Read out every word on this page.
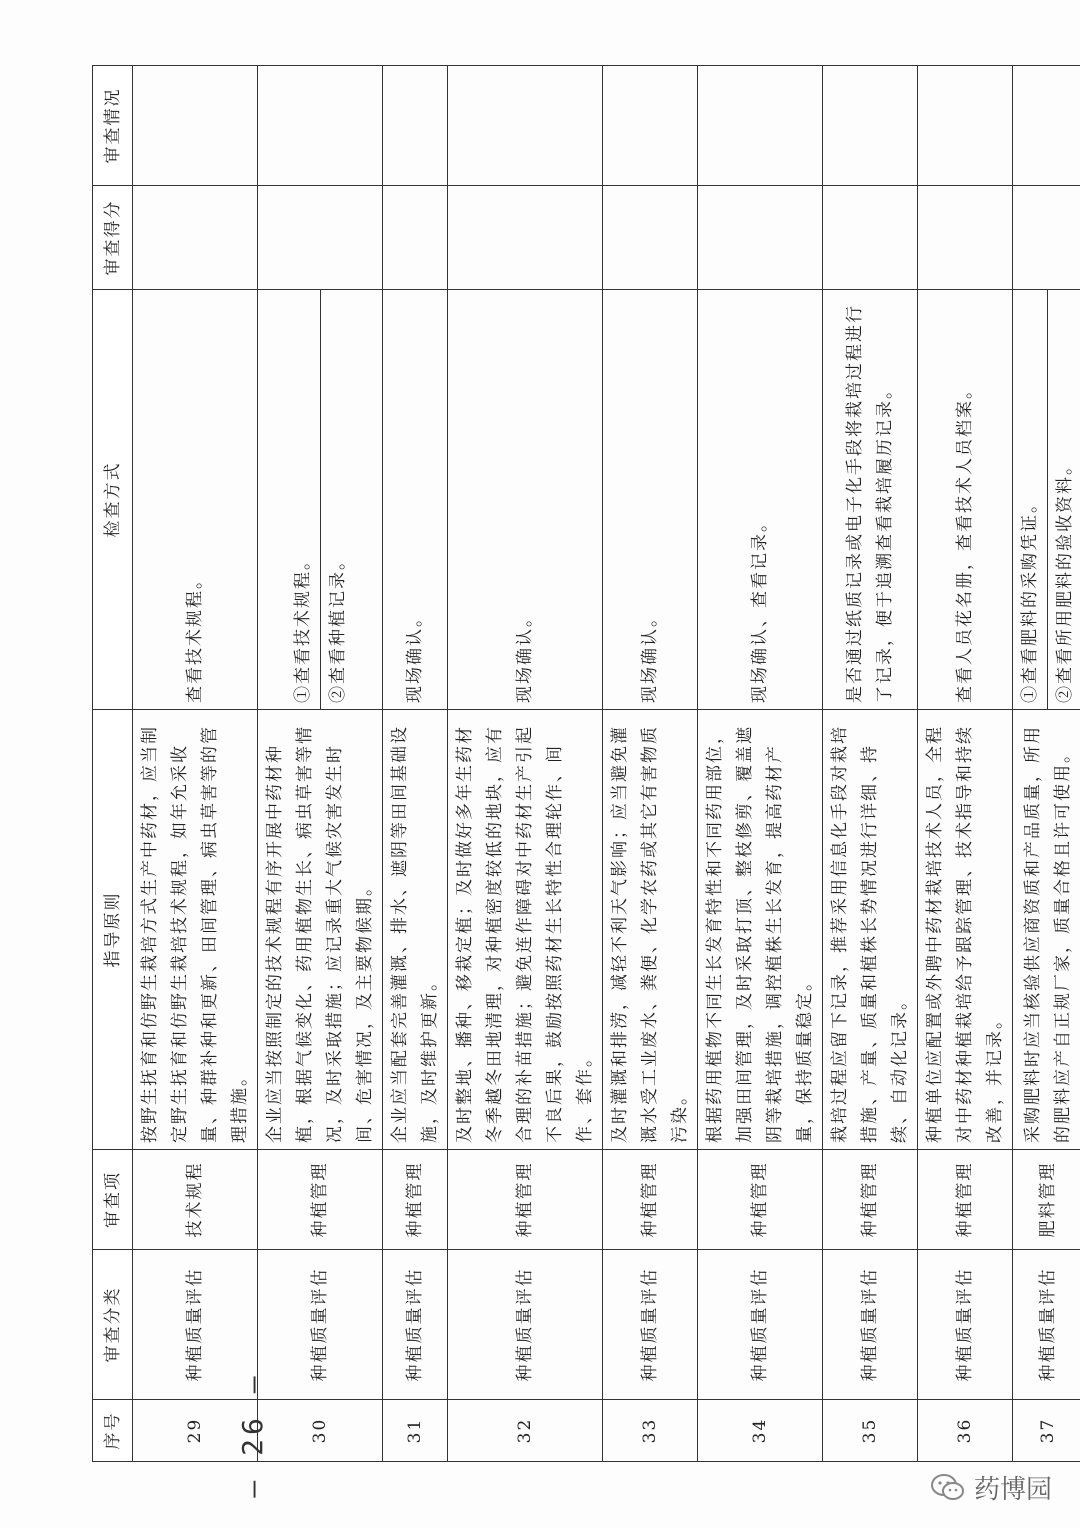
序号	审查分类	审查项	指导原则	检查方式	审查得分	审查情况
29	种植质量评估	技术规程	按野生抚育和仿野生栽培方式生产中药材，应当制定野生抚育和仿野生栽培技术规程，如年允采收量、种群补种和更新、田间管理、病虫草害等的管理措施。	查看技术规程。		
30	种植质量评估	种植管理	企业应当按照制定的技术规程有序开展中药材种植，根据气候变化、药用植物生长、病虫草害等情况，及时采取措施；应记录重大气候灾害发生时间、危害情况，及主要物候期。	①查看技术规程。 ②查看种植记录。		

31	种植质量评估	种植管理	企业应当配套完善灌溉、排水、遮阴等田间基础设施，及时维护更新。	现场确认。		
32	种植质量评估	种植管理	及时整地、播种、移栽定植；及时做好多年生药材冬季越冬田地清理，对种植密度较低的地块，应有合理的补苗措施；避免连作障碍对中药材生产引起不良后果，鼓励按照药材生长特性合理轮作、间作、套作。	现场确认。		
33	种植质量评估	种植管理	及时灌溉和排涝，减轻不利天气影响；应当避免灌溉水受工业废水、粪便、化学农药或其它有害物质污染。	现场确认。		
34	种植质量评估	种植管理	根据药用植物不同生长发育特性和不同药用部位，加强田间管理，及时采取打顶、整枝修剪、覆盖遮阴等栽培措施，调控植株生长发育，提高药材产量，保持质量稳定。	现场确认、查看记录。		
35	种植质量评估	种植管理	栽培过程应留下记录，推荐采用信息化手段对栽培措施、产量、质量和植株长势情况进行详细、持续、自动化记录。	是否通过纸质记录或电子化手段将栽培过程进行了记录，便于追溯查看栽培履历记录。		
36	种植质量评估	种植管理	种植单位应配置或外聘中药材栽培技术人员，全程对中药材种植栽培给予跟踪管理、技术指导和持续改善，并记录。	查看人员花名册，查看技术人员档案。		
37	种植质量评估	肥料管理	采购肥料时应当核验供应商资质和产品质量，所用的肥料应产自正规厂家，质量合格且许可使用。	①查看肥料的采购凭证。 ②查看所用肥料的验收资料。		

— 26 —	药博园
